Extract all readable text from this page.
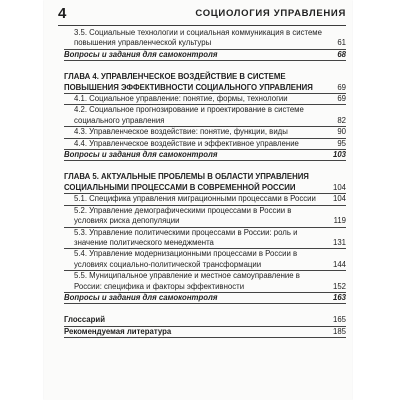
4	СОЦИОЛОГИЯ УПРАВЛЕНИЯ
3.5. Социальные технологии и социальная коммуникация в системе повышения управленческой культуры	61
Вопросы и задания для самоконтроля	68
ГЛАВА 4. УПРАВЛЕНЧЕСКОЕ ВОЗДЕЙСТВИЕ В СИСТЕМЕ ПОВЫШЕНИЯ ЭФФЕКТИВНОСТИ СОЦИАЛЬНОГО УПРАВЛЕНИЯ	69
4.1. Социальное управление: понятие, формы, технологии	69
4.2. Социальное прогнозирование и проектирование в системе социального управления	82
4.3. Управленческое воздействие: понятие, функции, виды	90
4.4. Управленческое воздействие и эффективное управление	95
Вопросы и задания для самоконтроля	103
ГЛАВА 5. АКТУАЛЬНЫЕ ПРОБЛЕМЫ В ОБЛАСТИ УПРАВЛЕНИЯ СОЦИАЛЬНЫМИ ПРОЦЕССАМИ В СОВРЕМЕННОЙ РОССИИ	104
5.1. Специфика управления миграционными процессами в России	104
5.2. Управление демографическими процессами в России в условиях риска депопуляции	119
5.3. Управление политическими процессами в России: роль и значение политического менеджмента	131
5.4. Управление модернизационными процессами в России в условиях социально-политической трансформации	144
5.5. Муниципальное управление и местное самоуправление в России: специфика и факторы эффективности	152
Вопросы и задания для самоконтроля	163
Глоссарий	165
Рекомендуемая литература	185
